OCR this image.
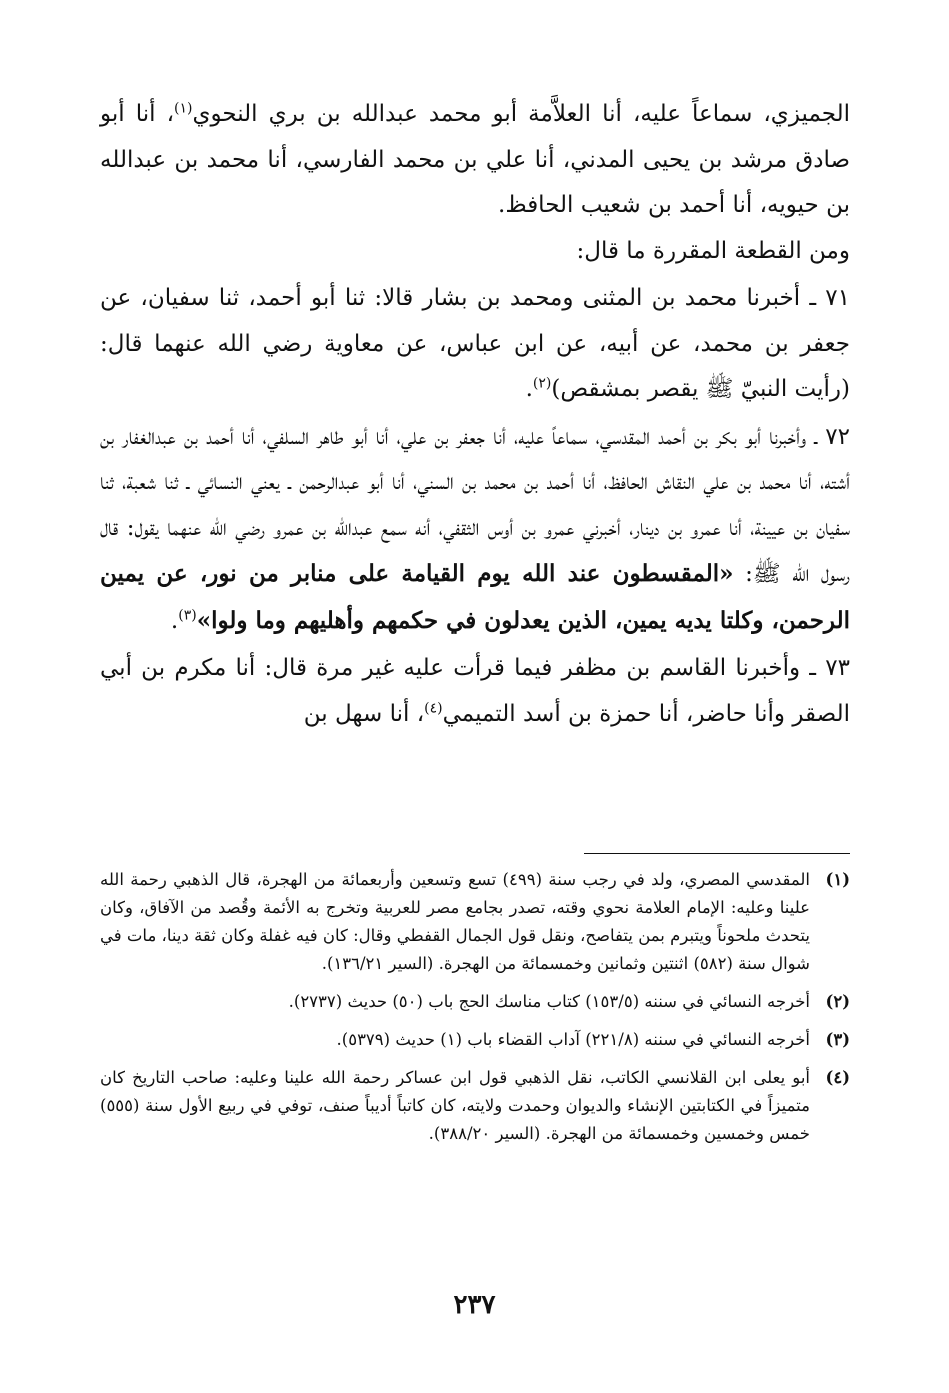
الجميزي، سماعاً عليه، أنا العلاَّمة أبو محمد عبدالله بن بري النحوي$^{(١)}$، أنا أبو صادق مرشد بن يحيى المدني، أنا علي بن محمد الفارسي، أنا محمد بن عبدالله بن حيويه، أنا أحمد بن شعيب الحافظ.

ومن القطعة المقررة ما قال:

٧١ ـ أخبرنا محمد بن المثنى ومحمد بن بشار قالا: ثنا أبو أحمد، ثنا سفيان، عن جعفر بن محمد، عن أبيه، عن ابن عباس، عن معاوية رضي الله عنهما قال: (رأيت النبيّ ﷺ يقصر بمشقص)$^{(٢)}$.

٧٢ ـ وأخبرنا أبو بكر بن أحمد المقدسي، سماعاً عليه، أنا جعفر بن علي، أنا أبو طاهر السلفي، أنا أحمد بن عبدالغفار بن أشته، أنا محمد بن علي النقاش الحافظ، أنا أحمد بن محمد بن السني، أنا أبو عبدالرحمن ـ يعني النسائي ـ ثنا شعبة، ثنا سفيان بن عيينة، أنا عمرو بن دينار، أخبرني عمرو بن أوس الثقفي، أنه سمع عبدالله بن عمرو رضي الله عنهما يقول: قال رسول الله ﷺ: «المقسطون عند الله يوم القيامة على منابر من نور، عن يمين الرحمن، وكلتا يديه يمين، الذين يعدلون في حكمهم وأهليهم وما ولوا»$^{(٣)}$.

٧٣ ـ وأخبرنا القاسم بن مظفر فيما قرأت عليه غير مرة قال: أنا مكرم بن أبي الصقر وأنا حاضر، أنا حمزة بن أسد التميمي$^{(٤)}$، أنا سهل بن

(١)
المقدسي المصري، ولد في رجب سنة (٤٩٩) تسع وتسعين وأربعمائة من الهجرة، قال الذهبي رحمة الله علينا وعليه: الإمام العلامة نحوي وقته، تصدر بجامع مصر للعربية وتخرج به الأئمة وقُصد من الآفاق، وكان يتحدث ملحوناً ويتبرم بمن يتفاصح، ونقل قول الجمال القفطي وقال: كان فيه غفلة وكان ثقة دينا، مات في شوال سنة (٥٨٢) اثنتين وثمانين وخمسمائة من الهجرة. (السير ١٣٦/٢١).
(٢)
أخرجه النسائي في سننه (١٥٣/٥) كتاب مناسك الحج باب (٥٠) حديث (٢٧٣٧).
(٣)
أخرجه النسائي في سننه (٢٢١/٨) آداب القضاء باب (١) حديث (٥٣٧٩).
(٤)
أبو يعلى ابن القلانسي الكاتب، نقل الذهبي قول ابن عساكر رحمة الله علينا وعليه: صاحب التاريخ كان متميزاً في الكتابتين الإنشاء والديوان وحمدت ولايته، كان كاتباً أديباً صنف، توفي في ربيع الأول سنة (٥٥٥) خمس وخمسين وخمسمائة من الهجرة. (السير ٣٨٨/٢٠).
٢٣٧
